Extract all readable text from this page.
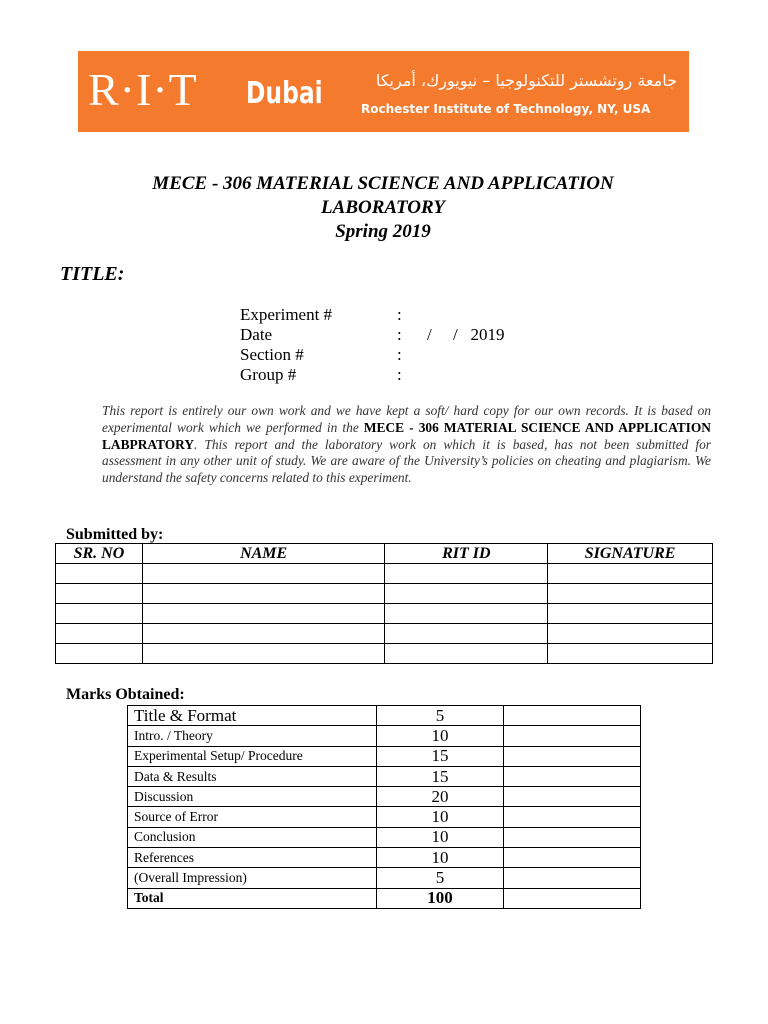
R·I·T Dubai	جامعة روتشستر للتكنولوجيا – نيويورك، أمريكا
Rochester Institute of Technology, NY, USA
MECE - 306 MATERIAL SCIENCE AND APPLICATION
LABORATORY
Spring 2019
TITLE:
Experiment #	:
Date	:	/     /   2019
Section #	:
Group #	:

This report is entirely our own work and we have kept a soft/ hard copy for our own records. It is based on experimental work which we performed in the MECE - 306 MATERIAL SCIENCE AND APPLICATION LABPRATORY. This report and the laboratory work on which it is based, has not been submitted for assessment in any other unit of study. We are aware of the University’s policies on cheating and plagiarism. We understand the safety concerns related to this experiment.

Submitted by:
SR. NO	NAME	RIT ID	SIGNATURE

Marks Obtained:
Title & Format	5	
Intro. / Theory	10	
Experimental Setup/ Procedure	15	
Data & Results	15	
Discussion	20	
Source of Error	10	
Conclusion	10	
References	10	
(Overall Impression)	5	
Total	100	
